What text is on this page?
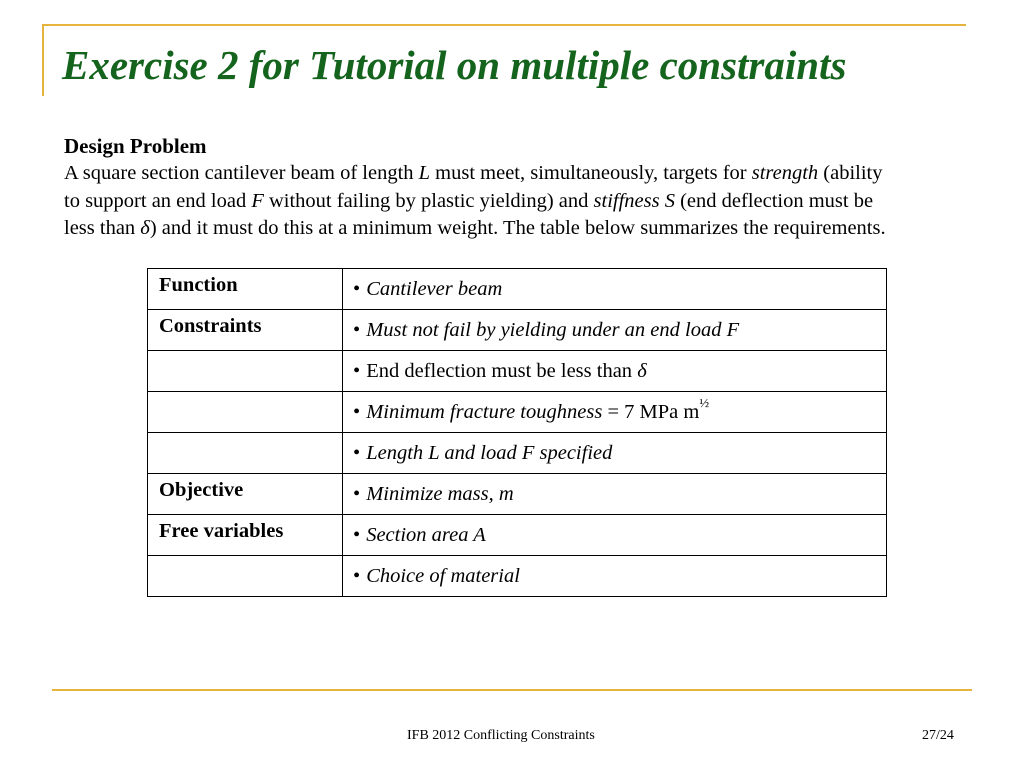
Exercise 2 for Tutorial on multiple constraints
Design Problem

A square section cantilever beam of length L must meet, simultaneously, targets for strength (ability
to support an end load F without failing by plastic yielding) and stiffness S (end deflection must be
less than δ) and it must do this at a minimum weight. The table below summarizes the requirements.

Function	• Cantilever beam
Constraints	• Must not fail by yielding under an end load F
	• End deflection must be less than δ
	• Minimum fracture toughness = 7 MPa $m^{\frac{1}{2}}$
	• Length L and load F specified
Objective	• Minimize mass, m
Free variables	• Section area A
	• Choice of material
IFB 2012 Conflicting Constraints	27/24
